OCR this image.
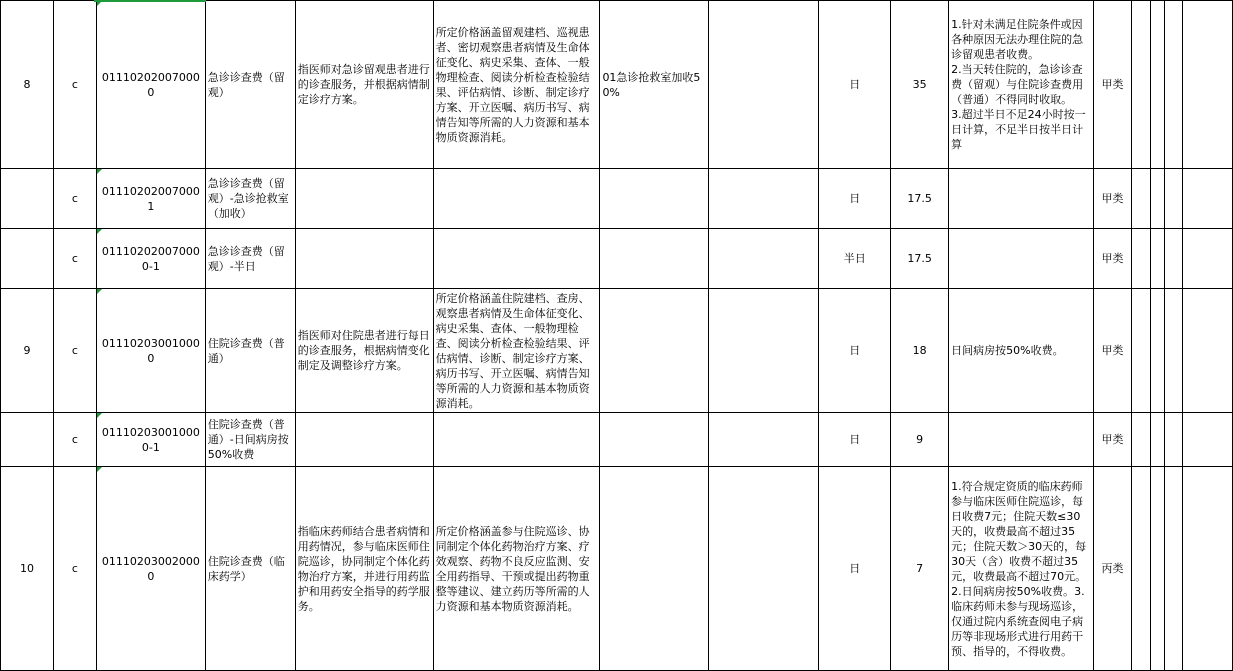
8	c	011102020070000	急诊诊查费（留观）	指医师对急诊留观患者进行的诊查服务，并根据病情制定诊疗方案。	所定价格涵盖留观建档、巡视患者、密切观察患者病情及生命体征变化、病史采集、查体、一般物理检查、阅读分析检查检验结果、评估病情、诊断、制定诊疗方案、开立医嘱、病历书写、病情告知等所需的人力资源和基本物质资源消耗。	01急诊抢救室加收50%		日	35	1.针对未满足住院条件或因各种原因无法办理住院的急诊留观患者收费。
2.当天转住院的，急诊诊查费（留观）与住院诊查费用（普通）不得同时收取。
3.超过半日不足24小时按一日计算，不足半日按半日计算	甲类				
	c	011102020070001	急诊诊查费（留观）-急诊抢救室（加收）					日	17.5		甲类				
	c	011102020070000-1	急诊诊查费（留观）-半日					半日	17.5		甲类				
9	c	011102030010000	住院诊查费（普通）	指医师对住院患者进行每日的诊查服务，根据病情变化制定及调整诊疗方案。	所定价格涵盖住院建档、查房、观察患者病情及生命体征变化、病史采集、查体、一般物理检查、阅读分析检查检验结果、评估病情、诊断、制定诊疗方案、病历书写、开立医嘱、病情告知等所需的人力资源和基本物质资源消耗。			日	18	日间病房按50%收费。	甲类				
	c	011102030010000-1	住院诊查费（普通）-日间病房按50%收费					日	9		甲类				
10	c	011102030020000	住院诊查费（临床药学）	指临床药师结合患者病情和用药情况，参与临床医师住院巡诊，协同制定个体化药物治疗方案，并进行用药监护和用药安全指导的药学服务。	所定价格涵盖参与住院巡诊、协同制定个体化药物治疗方案、疗效观察、药物不良反应监测、安全用药指导、干预或提出药物重整等建议、建立药历等所需的人力资源和基本物质资源消耗。			日	7	1.符合规定资质的临床药师参与临床医师住院巡诊，每日收费7元；住院天数≤30天的，收费最高不超过35元；住院天数＞30天的，每30天（含）收费不超过35元，收费最高不超过70元。2.日间病房按50%收费。3.临床药师未参与现场巡诊，仅通过院内系统查阅电子病历等非现场形式进行用药干预、指导的，不得收费。	丙类				
